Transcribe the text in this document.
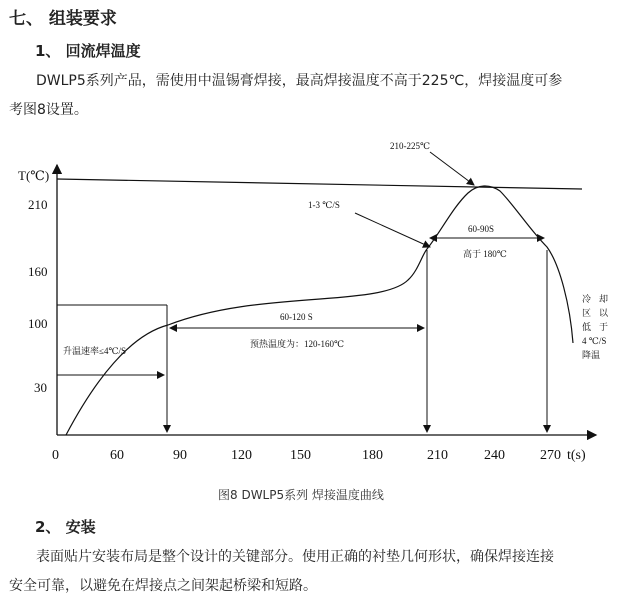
七、 组装要求
1、 回流焊温度
DWLP5系列产品，需使用中温锡膏焊接，最高焊接温度不高于225℃，焊接温度可参
考图8设置。
T(℃)
210
160
100
30
0	60	90	120	150	180	210	240	270 t(s)
210-225℃
1-3 ℃/S
60-90S
高于 180℃
60-120 S
预热温度为：120-160℃
升温速率≤4℃/S
冷 却
区 以
低 于
4 ℃/S
降温
图8 DWLP5系列 焊接温度曲线
2、 安装
表面贴片安装布局是整个设计的关键部分。使用正确的衬垫几何形状，确保焊接连接
安全可靠，以避免在焊接点之间架起桥梁和短路。
